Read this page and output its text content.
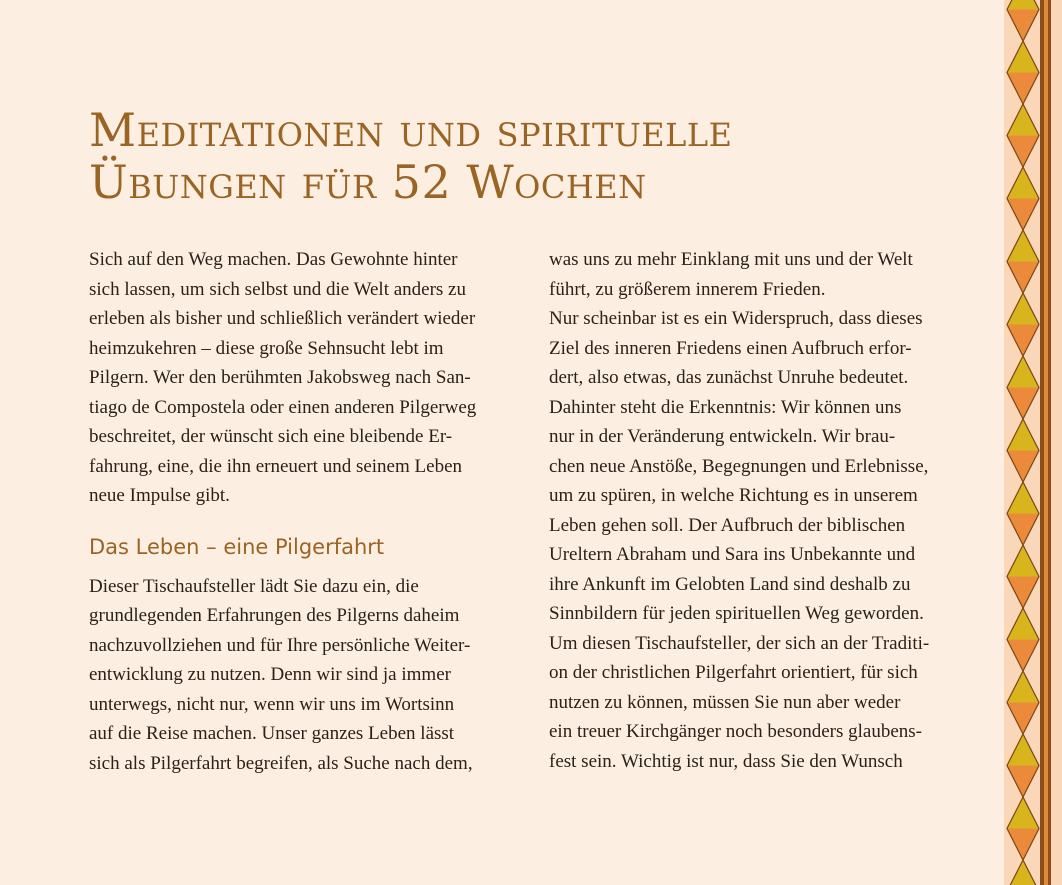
Meditationen und spirituelle
Übungen für 52 Wochen

Sich auf den Weg machen. Das Gewohnte hinter
sich lassen, um sich selbst und die Welt anders zu
erleben als bisher und schließlich verändert wieder
heimzukehren – diese große Sehnsucht lebt im
Pilgern. Wer den berühmten Jakobsweg nach San-
tiago de Compostela oder einen anderen Pilgerweg
beschreitet, der wünscht sich eine bleibende Er-
fahrung, eine, die ihn erneuert und seinem Leben
neue Impulse gibt.

Das Leben – eine Pilgerfahrt

Dieser Tischaufsteller lädt Sie dazu ein, die
grundlegenden Erfahrungen des Pilgerns daheim
nachzuvollziehen und für Ihre persönliche Weiter-
entwicklung zu nutzen. Denn wir sind ja immer
unterwegs, nicht nur, wenn wir uns im Wortsinn
auf die Reise machen. Unser ganzes Leben lässt
sich als Pilgerfahrt begreifen, als Suche nach dem,

was uns zu mehr Einklang mit uns und der Welt
führt, zu größerem innerem Frieden.
Nur scheinbar ist es ein Widerspruch, dass dieses
Ziel des inneren Friedens einen Aufbruch erfor-
dert, also etwas, das zunächst Unruhe bedeutet.
Dahinter steht die Erkenntnis: Wir können uns
nur in der Veränderung entwickeln. Wir brau-
chen neue Anstöße, Begegnungen und Erlebnisse,
um zu spüren, in welche Richtung es in unserem
Leben gehen soll. Der Aufbruch der biblischen
Ureltern Abraham und Sara ins Unbekannte und
ihre Ankunft im Gelobten Land sind deshalb zu
Sinnbildern für jeden spirituellen Weg geworden.
Um diesen Tischaufsteller, der sich an der Traditi-
on der christlichen Pilgerfahrt orientiert, für sich
nutzen zu können, müssen Sie nun aber weder
ein treuer Kirchgänger noch besonders glaubens-
fest sein. Wichtig ist nur, dass Sie den Wunsch
